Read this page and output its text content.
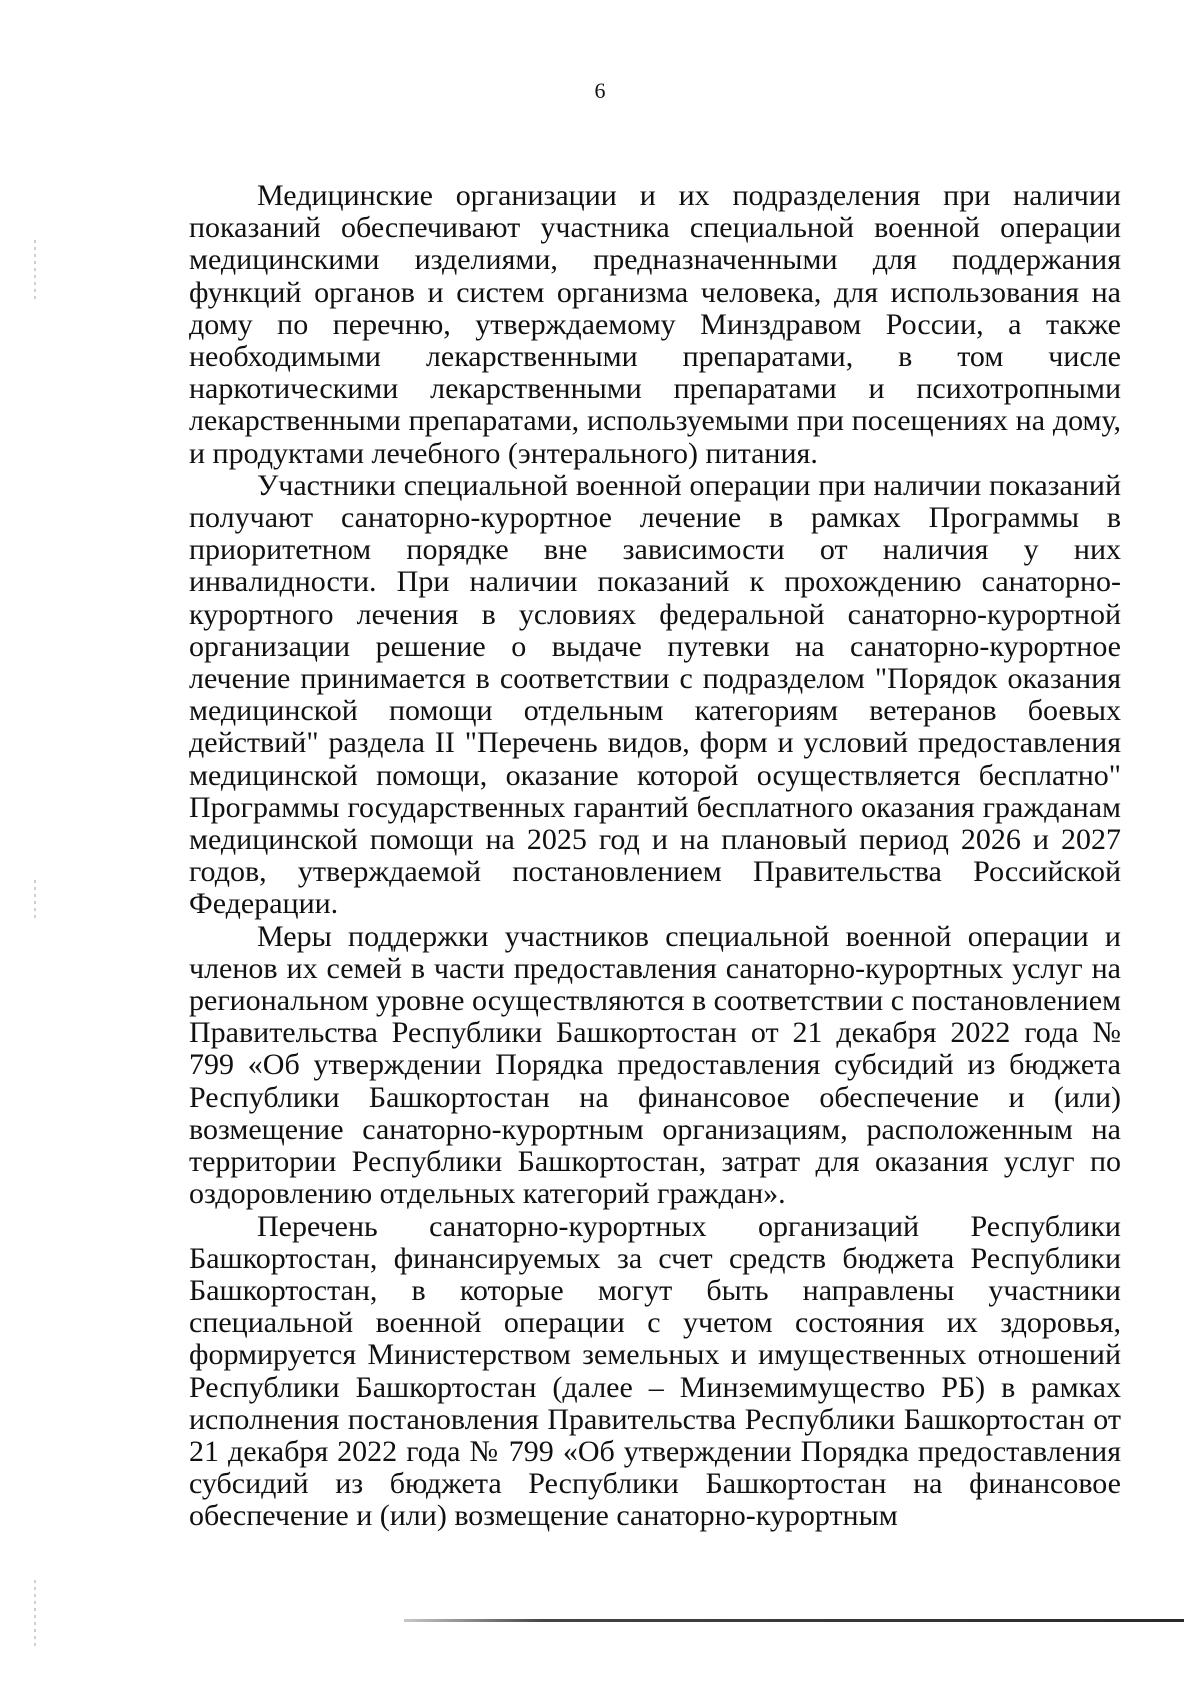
6

Медицинские организации и их подразделения при наличии показаний обеспечивают участника специальной военной операции медицинскими изделиями, предназначенными для поддержания функций органов и систем организма человека, для использования на дому по перечню, утверждаемому Минздравом России, а также необходимыми лекарственными препаратами, в том числе наркотическими лекарственными препаратами и психотропными лекарственными препаратами, используемыми при посещениях на дому, и продуктами лечебного (энтерального) питания.

Участники специальной военной операции при наличии показаний получают санаторно-курортное лечение в рамках Программы в приоритетном порядке вне зависимости от наличия у них инвалидности. При наличии показаний к прохождению санаторно-курортного лечения в условиях федеральной санаторно-курортной организации решение о выдаче путевки на санаторно-курортное лечение принимается в соответствии с подразделом "Порядок оказания медицинской помощи отдельным категориям ветеранов боевых действий" раздела II "Перечень видов, форм и условий предоставления медицинской помощи, оказание которой осуществляется бесплатно" Программы государственных гарантий бесплатного оказания гражданам медицинской помощи на 2025 год и на плановый период 2026 и 2027 годов, утверждаемой постановлением Правительства Российской Федерации.

Меры поддержки участников специальной военной операции и членов их семей в части предоставления санаторно-курортных услуг на региональном уровне осуществляются в соответствии с постановлением Правительства Республики Башкортостан от 21 декабря 2022 года № 799 «Об утверждении Порядка предоставления субсидий из бюджета Республики Башкортостан на финансовое обеспечение и (или) возмещение санаторно-курортным организациям, расположенным на территории Республики Башкортостан, затрат для оказания услуг по оздоровлению отдельных категорий граждан».

Перечень санаторно-курортных организаций Республики Башкортостан, финансируемых за счет средств бюджета Республики Башкортостан, в которые могут быть направлены участники специальной военной операции с учетом состояния их здоровья, формируется Министерством земельных и имущественных отношений Республики Башкортостан (далее – Минземимущество РБ) в рамках исполнения постановления Правительства Республики Башкортостан от 21 декабря 2022 года № 799 «Об утверждении Порядка предоставления субсидий из бюджета Республики Башкортостан на финансовое обеспечение и (или) возмещение санаторно-курортным
